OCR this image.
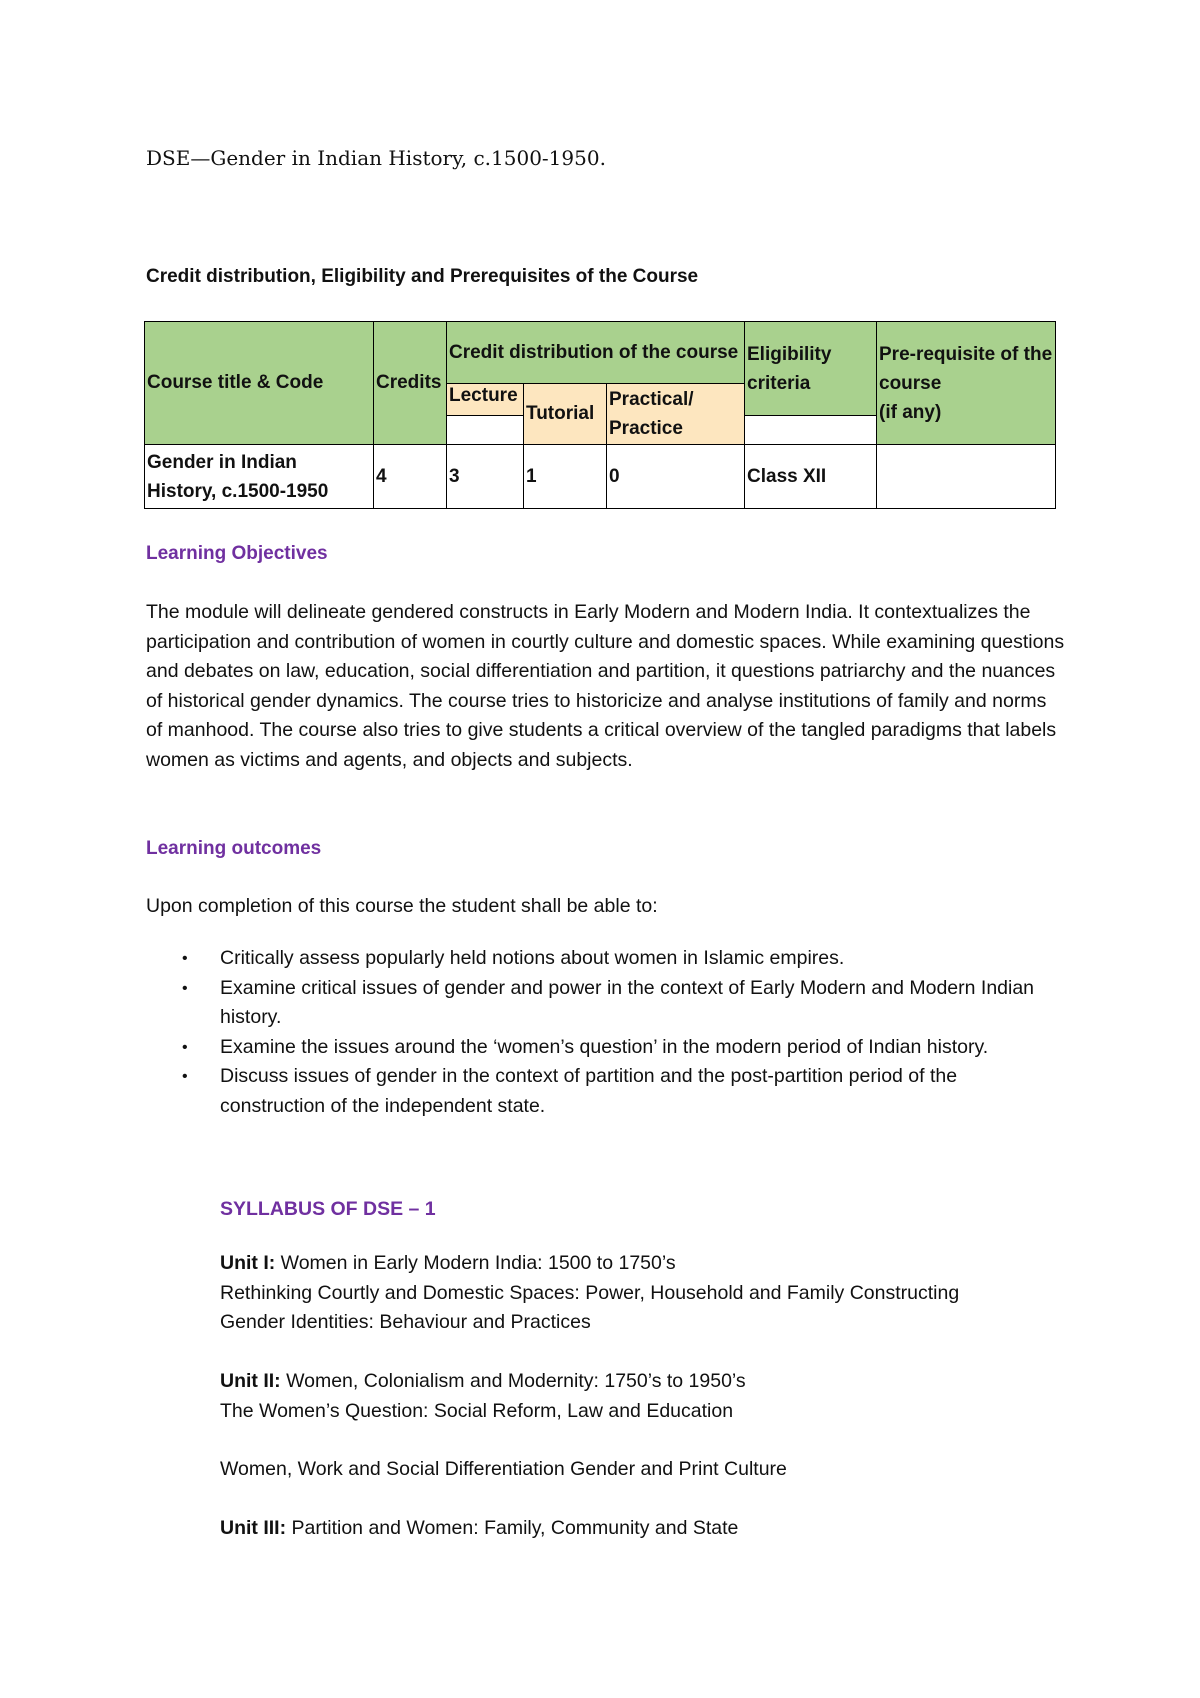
DSE—Gender in Indian History, c.1500-1950.
Credit distribution, Eligibility and Prerequisites of the Course
Course title & Code	Credits	Credit distribution of the course			Eligibility criteria	Pre-requisite of the course
(if any)

		Lecture	Tutorial	Practical/ Practice		

Gender in Indian History, c.1500-1950	4	3	1	0	Class XII	
Learning Objectives
The module will delineate gendered constructs in Early Modern and Modern India. It contextualizes the participation and contribution of women in courtly culture and domestic spaces. While examining questions and debates on law, education, social differentiation and partition, it questions patriarchy and the nuances of historical gender dynamics. The course tries to historicize and analyse institutions of family and norms of manhood. The course also tries to give students a critical overview of the tangled paradigms that labels women as victims and agents, and objects and subjects.
Learning outcomes
Upon completion of this course the student shall be able to:
• Critically assess popularly held notions about women in Islamic empires.
• Examine critical issues of gender and power in the context of Early Modern and Modern Indian history.
• Examine the issues around the ‘women’s question’ in the modern period of Indian history.
• Discuss issues of gender in the context of partition and the post-partition period of the construction of the independent state.
SYLLABUS OF DSE – 1
Unit I: Women in Early Modern India: 1500 to 1750’s
Rethinking Courtly and Domestic Spaces: Power, Household and Family Constructing
Gender Identities: Behaviour and Practices
Unit II: Women, Colonialism and Modernity: 1750’s to 1950’s
The Women’s Question: Social Reform, Law and Education
Women, Work and Social Differentiation Gender and Print Culture
Unit III: Partition and Women: Family, Community and State
